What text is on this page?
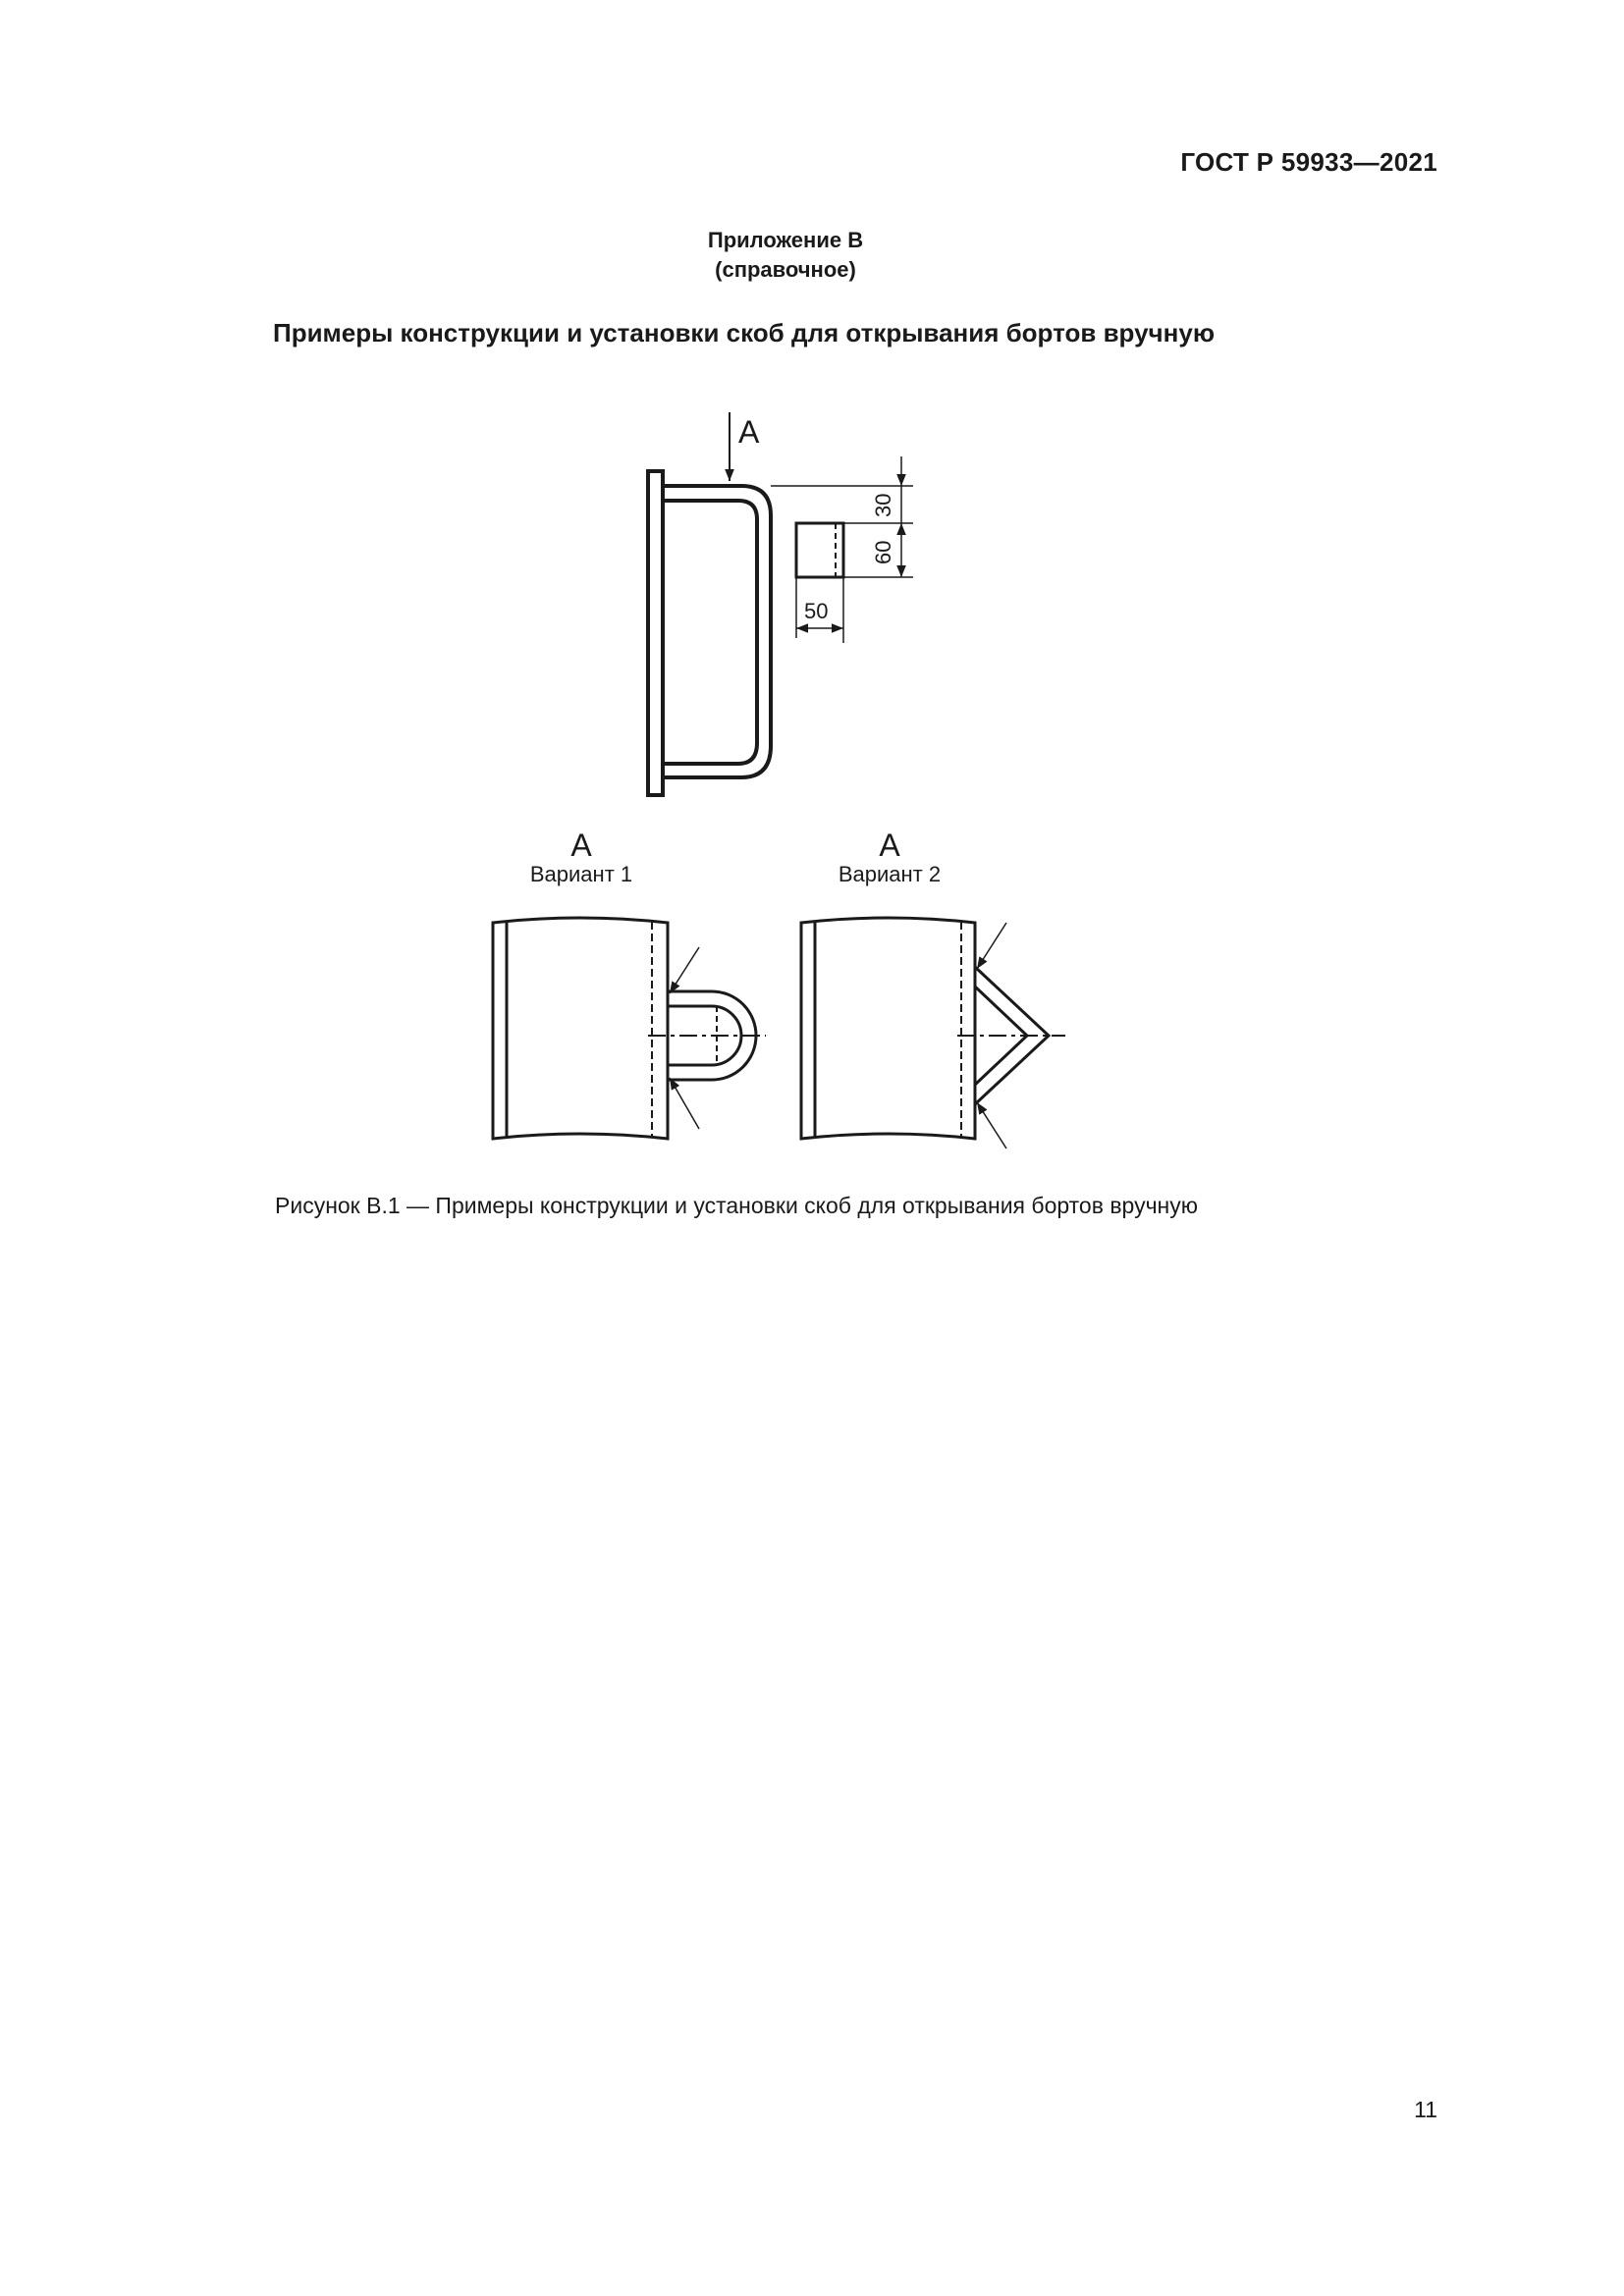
ГОСТ Р 59933—2021
Приложение В
(справочное)
Примеры конструкции и установки скоб для открывания бортов вручную
А
30
60
50
А
Вариант 1
А
Вариант 2
Рисунок В.1 — Примеры конструкции и установки скоб для открывания бортов вручную
11
